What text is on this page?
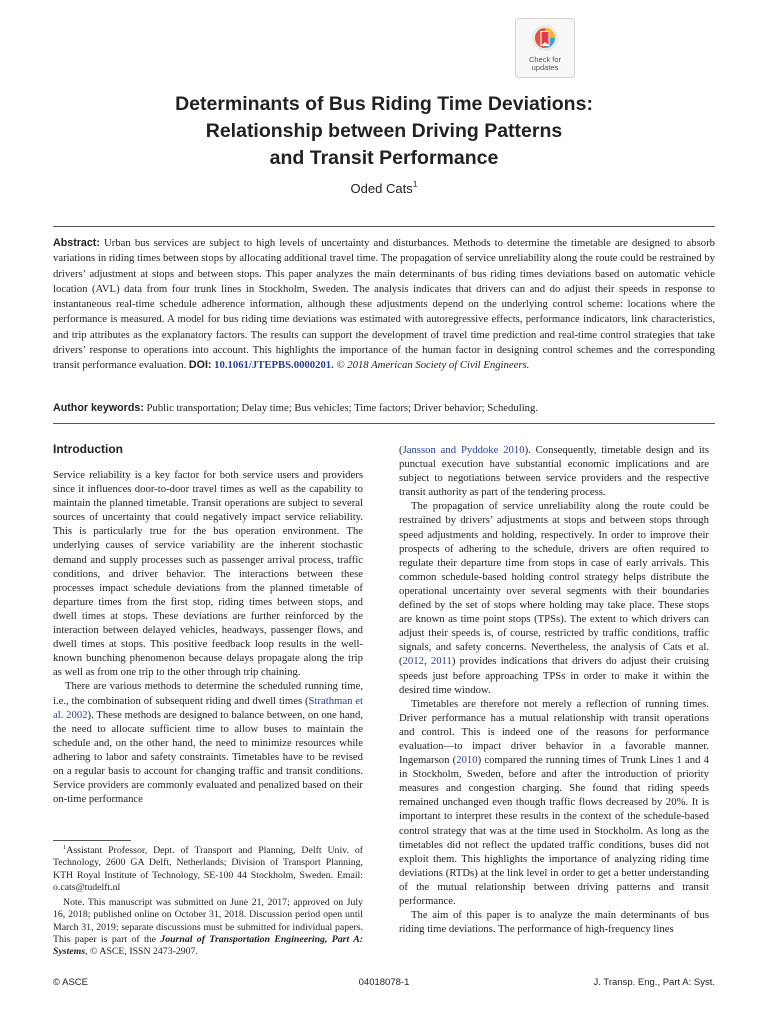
Check for updates
Determinants of Bus Riding Time Deviations:
Relationship between Driving Patterns
and Transit Performance
Oded Cats$^1$

Abstract: Urban bus services are subject to high levels of uncertainty and disturbances. Methods to determine the timetable are designed to absorb variations in riding times between stops by allocating additional travel time. The propagation of service unreliability along the route could be restrained by drivers’ adjustment at stops and between stops. This paper analyzes the main determinants of bus riding times deviations based on automatic vehicle location (AVL) data from four trunk lines in Stockholm, Sweden. The analysis indicates that drivers can and do adjust their speeds in response to instantaneous real-time schedule adherence information, although these adjustments depend on the underlying control scheme: locations where the performance is measured. A model for bus riding time deviations was estimated with autoregressive effects, performance indicators, link characteristics, and trip attributes as the explanatory factors. The results can support the development of travel time prediction and real-time control strategies that take drivers’ response to operations into account. This highlights the importance of the human factor in designing control schemes and the corresponding transit performance evaluation. DOI: 10.1061/JTEPBS.0000201. © 2018 American Society of Civil Engineers.

Author keywords: Public transportation; Delay time; Bus vehicles; Time factors; Driver behavior; Scheduling.

Introduction

Service reliability is a key factor for both service users and providers since it influences door-to-door travel times as well as the capability to maintain the planned timetable. Transit operations are subject to several sources of uncertainty that could negatively impact service reliability. This is particularly true for the bus operation environment. The underlying causes of service variability are the inherent stochastic demand and supply processes such as passenger arrival process, traffic conditions, and driver behavior. The interactions between these processes impact schedule deviations from the planned timetable of departure times from the first stop, riding times between stops, and dwell times at stops. These deviations are further reinforced by the interaction between delayed vehicles, headways, passenger flows, and dwell times at stops. This positive feedback loop results in the well-known bunching phenomenon because delays propagate along the trip as well as from one trip to the other through trip chaining.

There are various methods to determine the scheduled running time, i.e., the combination of subsequent riding and dwell times (Strathman et al. 2002). These methods are designed to balance between, on one hand, the need to allocate sufficient time to allow buses to maintain the schedule and, on the other hand, the need to minimize resources while adhering to labor and safety constraints. Timetables have to be revised on a regular basis to account for changing traffic and transit conditions. Service providers are commonly evaluated and penalized based on their on-time performance

$^1$Assistant Professor, Dept. of Transport and Planning, Delft Univ. of Technology, 2600 GA Delft, Netherlands; Division of Transport Planning, KTH Royal Institute of Technology, SE-100 44 Stockholm, Sweden. Email: o.cats@tudelft.nl

Note. This manuscript was submitted on June 21, 2017; approved on July 16, 2018; published online on October 31, 2018. Discussion period open until March 31, 2019; separate discussions must be submitted for individual papers. This paper is part of the Journal of Transportation Engineering, Part A: Systems, © ASCE, ISSN 2473-2907.

(Jansson and Pyddoke 2010). Consequently, timetable design and its punctual execution have substantial economic implications and are subject to negotiations between service providers and the respective transit authority as part of the tendering process.

The propagation of service unreliability along the route could be restrained by drivers’ adjustments at stops and between stops through speed adjustments and holding, respectively. In order to improve their prospects of adhering to the schedule, drivers are often required to regulate their departure time from stops in case of early arrivals. This common schedule-based holding control strategy helps distribute the operational uncertainty over several segments with their boundaries defined by the set of stops where holding may take place. These stops are known as time point stops (TPSs). The extent to which drivers can adjust their speeds is, of course, restricted by traffic conditions, traffic signals, and safety concerns. Nevertheless, the analysis of Cats et al. (2012, 2011) provides indications that drivers do adjust their cruising speeds just before approaching TPSs in order to make it within the desired time window.

Timetables are therefore not merely a reflection of running times. Driver performance has a mutual relationship with transit operations and control. This is indeed one of the reasons for performance evaluation—to impact driver behavior in a favorable manner. Ingemarson (2010) compared the running times of Trunk Lines 1 and 4 in Stockholm, Sweden, before and after the introduction of priority measures and congestion charging. She found that riding speeds remained unchanged even though traffic flows decreased by 20%. It is important to interpret these results in the context of the schedule-based control strategy that was at the time used in Stockholm. As long as the timetables did not reflect the updated traffic conditions, buses did not exploit them. This highlights the importance of analyzing riding time deviations (RTDs) at the link level in order to get a better understanding of the mutual relationship between driving patterns and transit performance.

The aim of this paper is to analyze the main determinants of bus riding time deviations. The performance of high-frequency lines

© ASCE	04018078-1	J. Transp. Eng., Part A: Syst.
